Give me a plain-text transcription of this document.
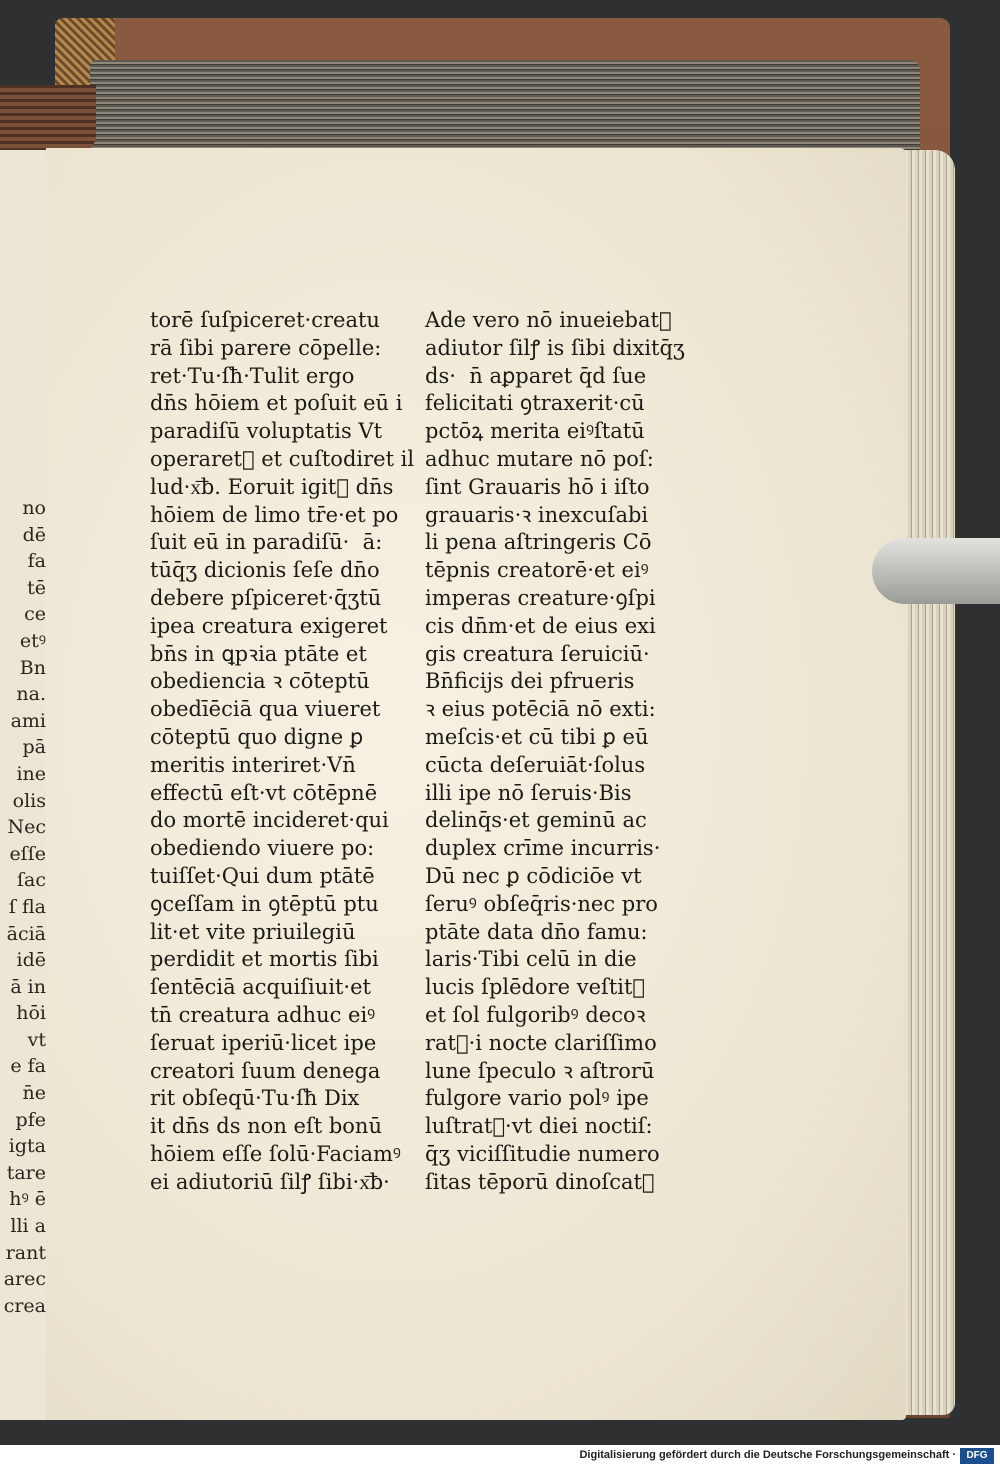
no
dē
fa
tē
ce
etꝰ
Bn
na.
ami
pā
ine
olis
Nec
eſſe
ſac
ſ fla
āciā
idē
ā in
hōi
vt
e fa
n̄e
pfe
igta
tare
hꝰ ē
lli a
rant
arec
crea
torē ſuſpiceret·creatu
rā ſibi parere cōpelle:
ret·Tu·ſħ·Tulit ergo
dn̄s hōiem et poſuit eū i
paradiſū voluptatis Vt
operaret᷑ et cuſtodiret il
lud·x͞b. Eoruit igit᷑ dn̄s
hōiem de limo tr̄e·et po
ſuit eū in paradiſū·  ā:
tūq̄ʒ dicionis ſeſe dn̄o
debere pſpiceret·q̄ʒtū
ipea creatura exigeret
bn̄s in ꝗpꝛia ptāte et
obediencia ꝛ cōteptū
obedīēciā qua viueret
cōteptū quo digne ꝑ
meritis interiret·Vn̄
effectū eſt·vt cōtēpnē
do mortē incideret·qui
obediendo viuere po:
tuiſſet·Qui dum ptātē
ꝯceſſam in ꝯtēptū ptu
lit·et vite priuilegiū
perdidit et mortis ſibi
ſentēciā acquiſiuit·et
tn̄ creatura adhuc eiꝰ
ſeruat iperiū·licet ipe
creatori ſuum denega
rit obſeqū·Tu·ſħ Dix
it dn̄s ds non eſt bonū
hōiem eſſe ſolū·Faciamꝰ
ei adiutoriū ſilꝭ ſibi·x͞b·
Ade vero nō inueiebat᷑
adiutor ſilꝭ is ſibi dixitq̄ʒ
ds·  n̄ aꝑparet q̄d ſue
felicitati ꝯtraxerit·cū
pctōꝝ merita eiꝰſtatū
adhuc mutare nō poſ:
ſint Grauaris hō i iſto
grauaris·ꝛ inexcuſabi
li pena aſtringeris Cō
tēpnis creatorē·et eiꝰ
imperas creature·ꝯſpi
cis dn̄m·et de eius exi
gis creatura ſeruiciū·
Bn̄ficijs dei pfrueris
ꝛ eius potēciā nō exti:
meſcis·et cū tibi ꝑ eū
cūcta deſeruiāt·ſolus
illi ipe nō ſeruis·Bis
delinq̄s·et geminū ac
duplex crīme incurris·
Dū nec ꝑ cōdiciōe vt
ſeruꝰ obſeq̄ris·nec pro
ptāte data dn̄o famu:
laris·Tibi celū in die
lucis ſplēdore veſtit᷑
et ſol fulgoribꝰ decoꝛ
rat᷑·i nocte clariſſimo
lune ſpeculo ꝛ aſtrorū
fulgore vario polꝰ ipe
luſtrat᷑·vt diei noctiſ:
q̄ʒ viciſſitudie numero
ſitas tēporū dinoſcat᷑
Digitalisierung gefördert durch die Deutsche Forschungsgemeinschaft ·	DFG
